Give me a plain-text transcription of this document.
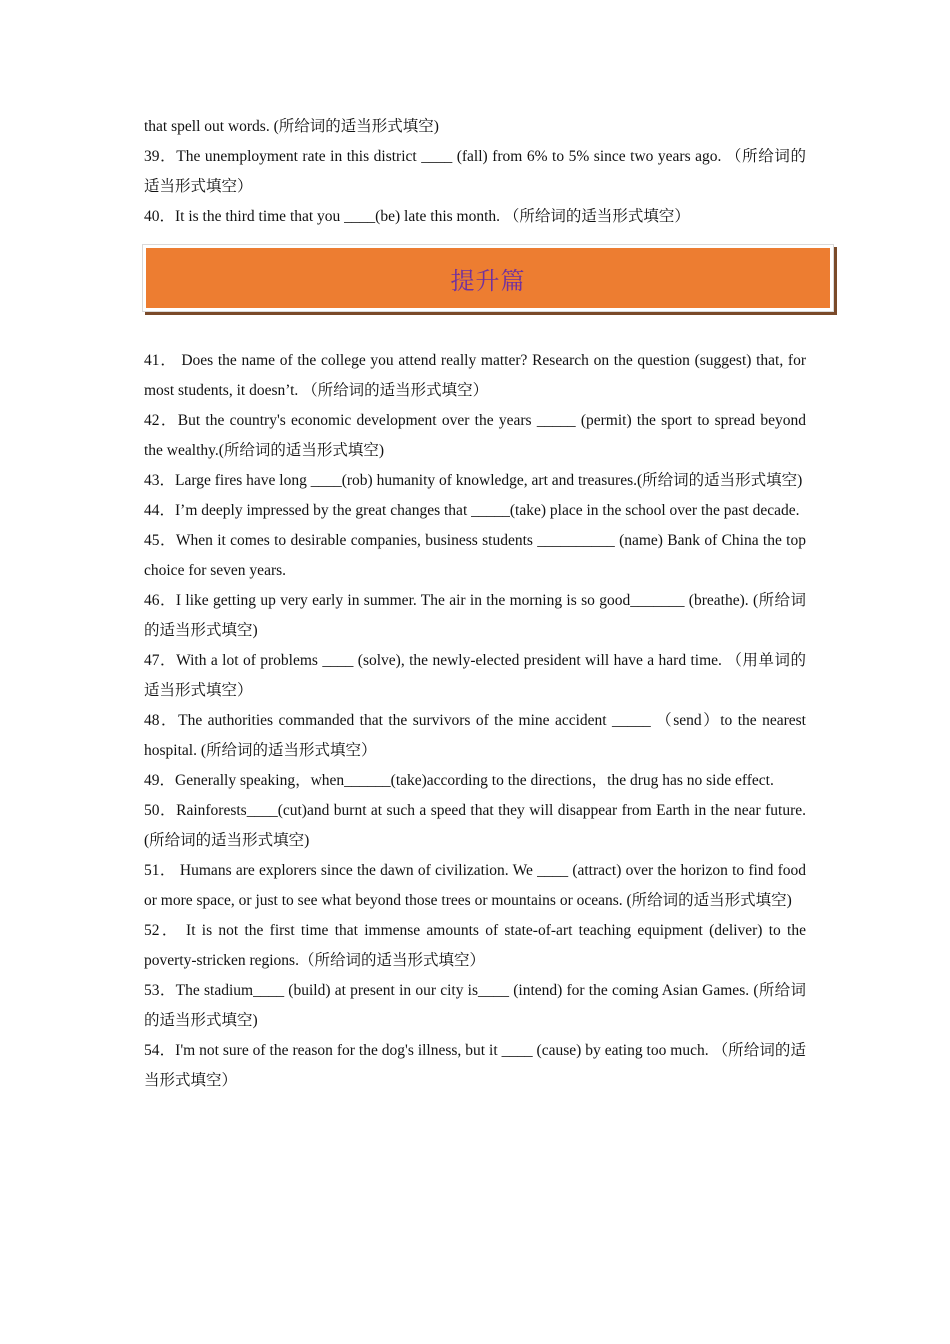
that spell out words. (所给词的适当形式填空)

39．The unemployment rate in this district ____ (fall) from 6% to 5% since two years ago. （所给词的适当形式填空）

40．It is the third time that you ____(be) late this month. （所给词的适当形式填空）

提升篇

41． Does the name of the college you attend really matter? Research on the question (suggest) that, for most students, it doesn’t. （所给词的适当形式填空）

42．But the country's economic development over the years _____ (permit) the sport to spread beyond the wealthy.(所给词的适当形式填空)

43．Large fires have long ____(rob) humanity of knowledge, art and treasures.(所给词的适当形式填空)

44．I’m deeply impressed by the great changes that _____(take) place in the school over the past decade.

45．When it comes to desirable companies, business students __________ (name) Bank of China the top choice for seven years.

46．I like getting up very early in summer. The air in the morning is so good_______ (breathe). (所给词的适当形式填空)

47．With a lot of problems ____ (solve), the newly-elected president will have a hard time. （用单词的适当形式填空）

48．The authorities commanded that the survivors of the mine accident _____ （send）to the nearest hospital. (所给词的适当形式填空）

49．Generally speaking，when______(take)according to the directions，the drug has no side effect.

50．Rainforests____(cut)and burnt at such a speed that they will disappear from Earth in the near future. (所给词的适当形式填空)

51． Humans are explorers since the dawn of civilization. We ____ (attract) over the horizon to find food or more space, or just to see what beyond those trees or mountains or oceans. (所给词的适当形式填空)

52． It is not the first time that immense amounts of state-of-art teaching equipment (deliver) to the poverty-stricken regions.（所给词的适当形式填空）

53．The stadium____ (build) at present in our city is____ (intend) for the coming Asian Games. (所给词的适当形式填空)

54．I'm not sure of the reason for the dog's illness, but it ____ (cause) by eating too much. （所给词的适当形式填空）
